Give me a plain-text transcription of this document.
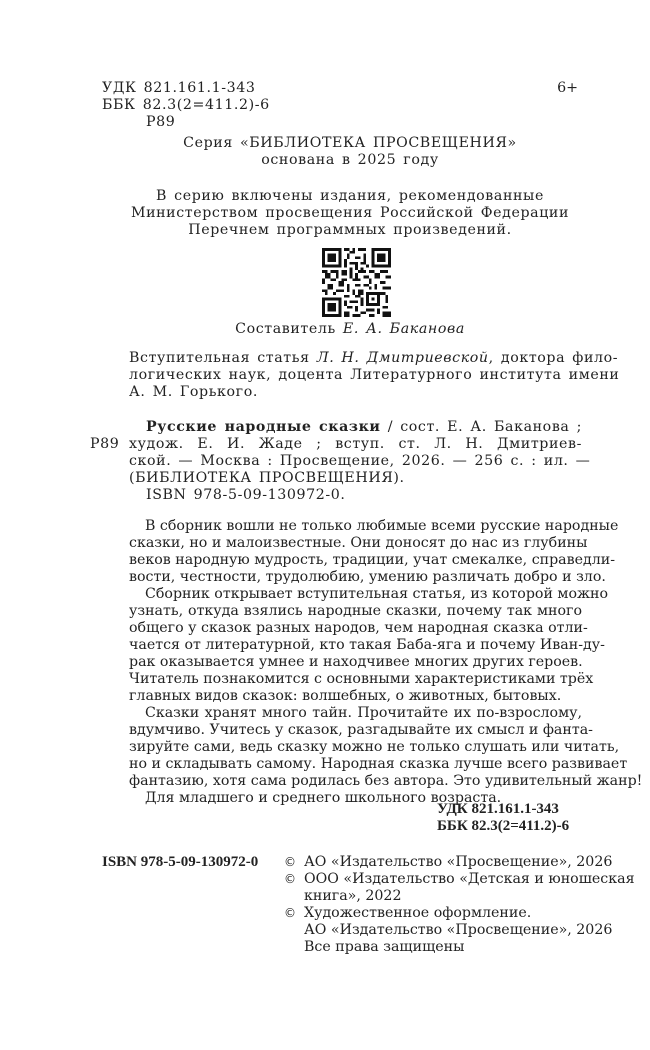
УДК 821.161.1-343
ББК 82.3(2=411.2)-6
Р89
6+
Серия «БИБЛИОТЕКА ПРОСВЕЩЕНИЯ»
основана в 2025 году
В серию включены издания, рекомендованные
Министерством просвещения Российской Федерации
Перечнем программных произведений.
Составитель Е. А. Баканова
Вступительная статья Л. Н. Дмитриевской, доктора фило-
логических наук, доцента Литературного института имени
А. М. Горького.
Русские народные сказки / сост. Е. А. Баканова ;
Р89 худож. Е. И. Жаде ; вступ. ст. Л. Н. Дмитриев-
ской. — Москва : Просвещение, 2026. — 256 с. : ил. —
(БИБЛИОТЕКА ПРОСВЕЩЕНИЯ).
ISBN 978-5-09-130972-0.
В сборник вошли не только любимые всеми русские народные
сказки, но и малоизвестные. Они доносят до нас из глубины
веков народную мудрость, традиции, учат смекалке, справедли-
вости, честности, трудолюбию, умению различать добро и зло.
Сборник открывает вступительная статья, из которой можно
узнать, откуда взялись народные сказки, почему так много
общего у сказок разных народов, чем народная сказка отли-
чается от литературной, кто такая Баба-яга и почему Иван-ду-
рак оказывается умнее и находчивее многих других героев.
Читатель познакомится с основными характеристиками трёх
главных видов сказок: волшебных, о животных, бытовых.
Сказки хранят много тайн. Прочитайте их по-взрослому,
вдумчиво. Учитесь у сказок, разгадывайте их смысл и фанта-
зируйте сами, ведь сказку можно не только слушать или читать,
но и складывать самому. Народная сказка лучше всего развивает
фантазию, хотя сама родилась без автора. Это удивительный жанр!
Для младшего и среднего школьного возраста.
УДК 821.161.1-343
ББК 82.3(2=411.2)-6
ISBN 978-5-09-130972-0 © АО «Издательство «Просвещение», 2026
© ООО «Издательство «Детская и юношеская
книга», 2022
© Художественное оформление.
АО «Издательство «Просвещение», 2026
Все права защищены
